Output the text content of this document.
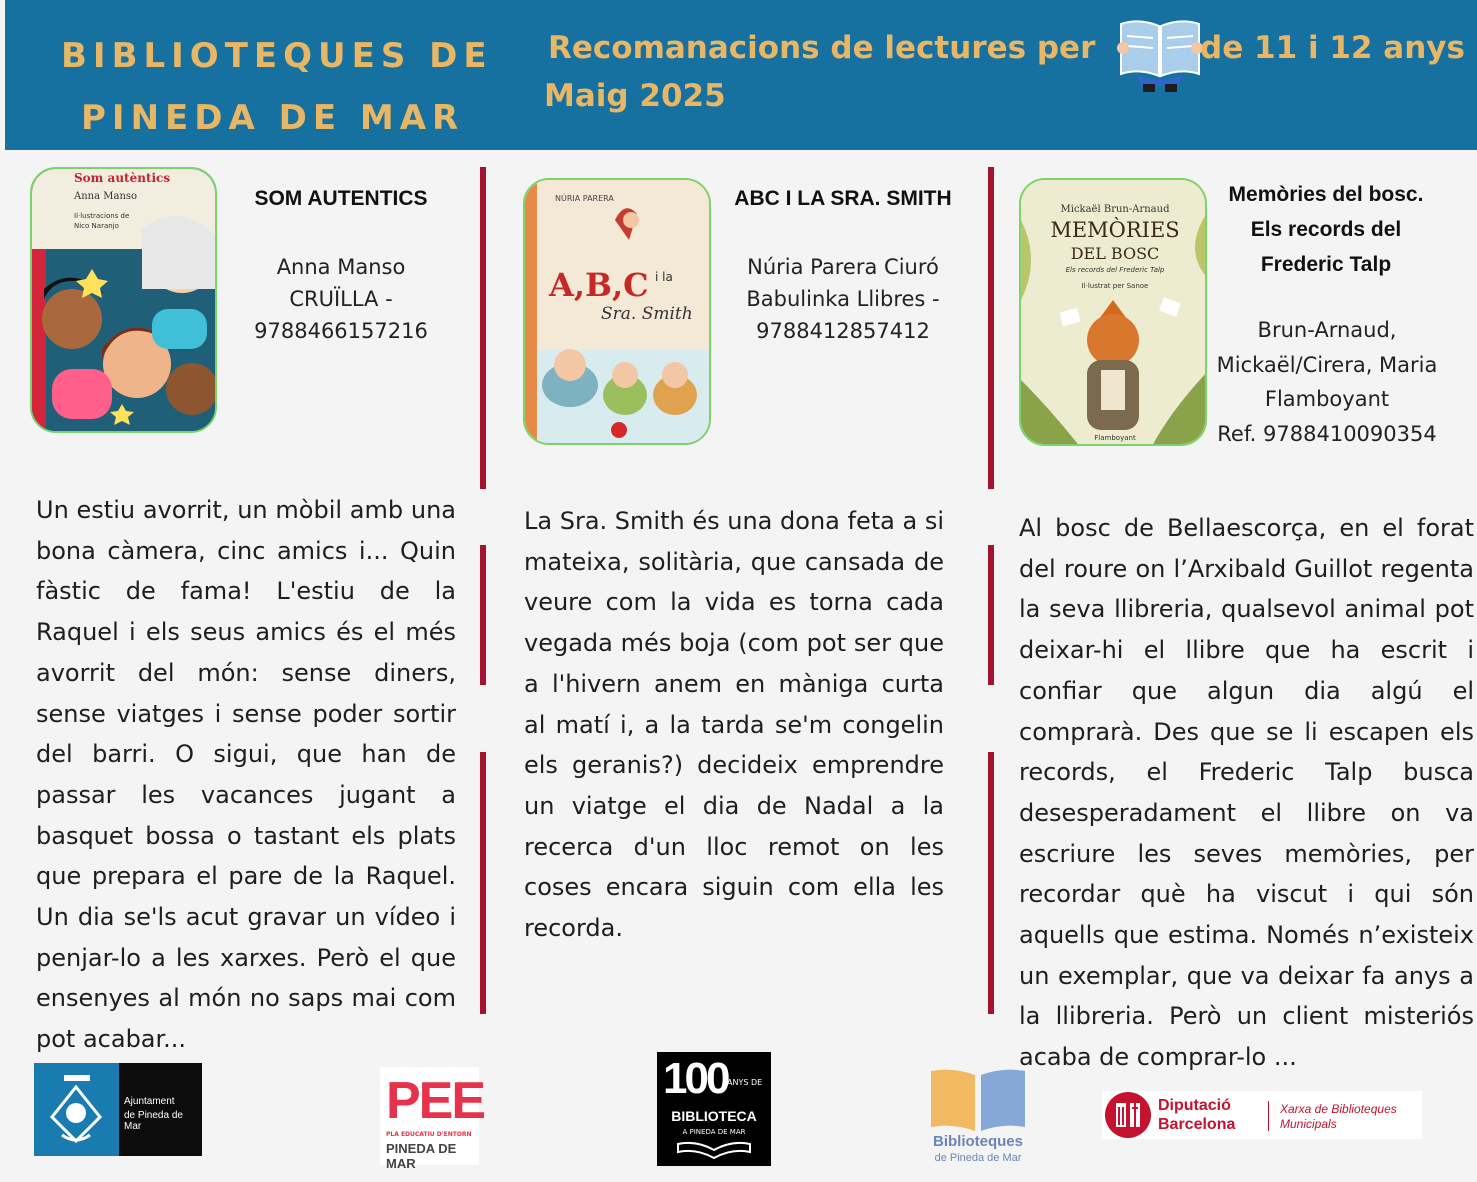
BIBLIOTEQUES DE
PINEDA DE MAR
Recomanacions de lectures per
Maig 2025
de 11 i 12 anys
Som autèntics
Anna Manso
Il·lustracions de Nico Naranjo
SOM AUTENTICS
Anna Manso
CRUÏLLA -
9788466157216
Un estiu avorrit, un mòbil amb una bona càmera, cinc amics i... Quin fàstic de fama! L'estiu de la Raquel i els seus amics és el més avorrit del món: sense diners, sense viatges i sense poder sortir del barri. O sigui, que han de passar les vacances jugant a basquet bossa o tastant els plats que prepara el pare de la Raquel. Un dia se'ls acut gravar un vídeo i penjar-lo a les xarxes. Però el que ensenyes al món no saps mai com pot acabar...
NÚRIA PARERA
A,B,C i la
Sra. Smith
ABC I LA SRA. SMITH
Núria Parera Ciuró
Babulinka Llibres -
9788412857412
La Sra. Smith és una dona feta a si mateixa, solitària, que cansada de veure com la vida es torna cada vegada més boja (com pot ser que a l'hivern anem en màniga curta al matí i, a la tarda se'm congelin els geranis?) decideix emprendre un viatge el dia de Nadal a la recerca d'un lloc remot on les coses encara siguin com ella les recorda.
Mickaël Brun-Arnaud
MEMÒRIES
DEL BOSC
Els records del Frederic Talp
Il·lustrat per Sanoe
Flamboyant
Memòries del bosc.
Els records del
Frederic Talp
Brun-Arnaud,
Mickaël/Cirera, Maria
Flamboyant
Ref. 9788410090354
Al bosc de Bellaescorça, en el forat del roure on l’Arxibald Guillot regenta la seva llibreria, qualsevol animal pot deixar-hi el llibre que ha escrit i confiar que algun dia algú el comprarà. Des que se li escapen els records, el Frederic Talp busca desesperadament el llibre on va escriure les seves memòries, per recordar què ha viscut i qui són aquells que estima. Només n’existeix un exemplar, que va deixar fa anys a la llibreria. Però un client misteriós acaba de comprar-lo ...
Ajuntament
de Pineda de Mar	PEE
PLA EDUCATIU D'ENTORN
PINEDA DE MAR
100 ANYS DE
BIBLIOTECA
A PINEDA DE MAR
Biblioteques
de Pineda de Mar
Diputació
Barcelona
Xarxa de Biblioteques
Municipals
